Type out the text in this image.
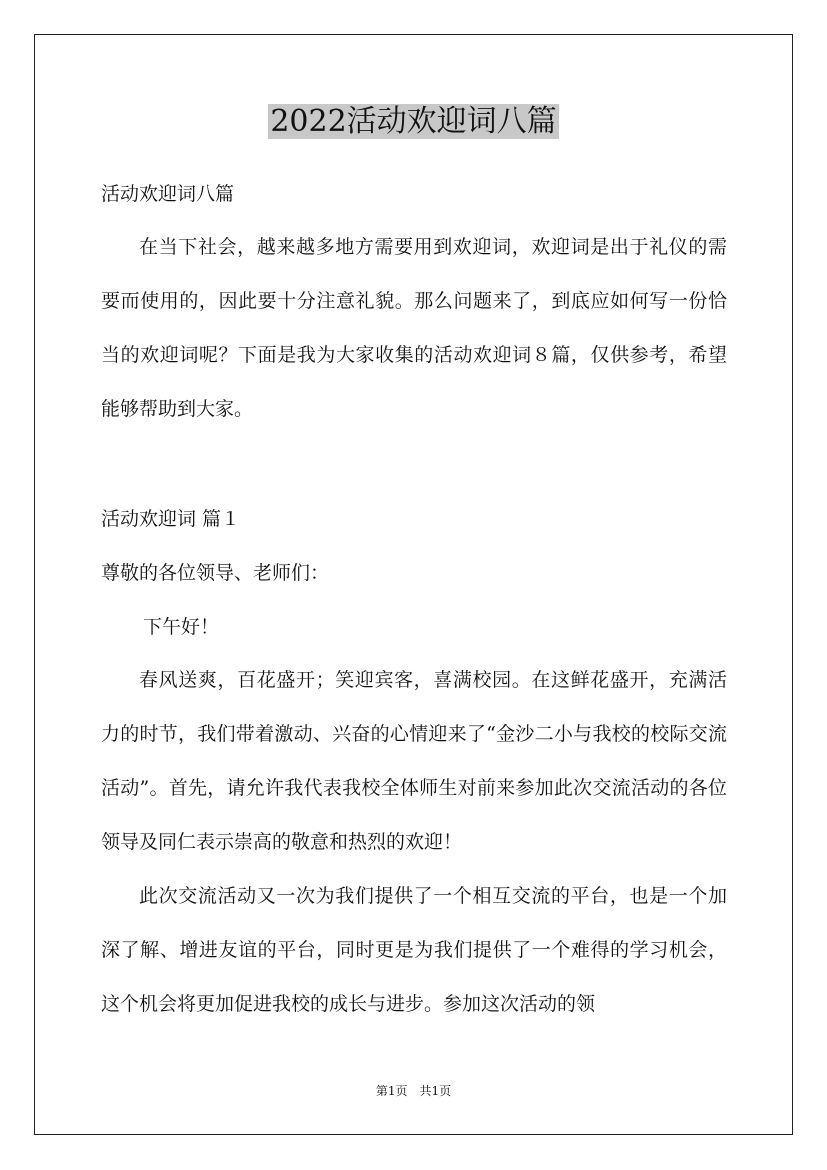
2022活动欢迎词八篇

活动欢迎词八篇

在当下社会，越来越多地方需要用到欢迎词，欢迎词是出于礼仪的需要而使用的，因此要十分注意礼貌。那么问题来了，到底应如何写一份恰当的欢迎词呢？下面是我为大家收集的活动欢迎词８篇，仅供参考，希望能够帮助到大家。

活动欢迎词 篇１

尊敬的各位领导、老师们：

下午好！

春风送爽，百花盛开；笑迎宾客，喜满校园。在这鲜花盛开，充满活力的时节，我们带着激动、兴奋的心情迎来了“金沙二小与我校的校际交流活动”。首先，请允许我代表我校全体师生对前来参加此次交流活动的各位领导及同仁表示崇高的敬意和热烈的欢迎！

此次交流活动又一次为我们提供了一个相互交流的平台，也是一个加深了解、增进友谊的平台，同时更是为我们提供了一个难得的学习机会，这个机会将更加促进我校的成长与进步。参加这次活动的领

第1页　共1页
